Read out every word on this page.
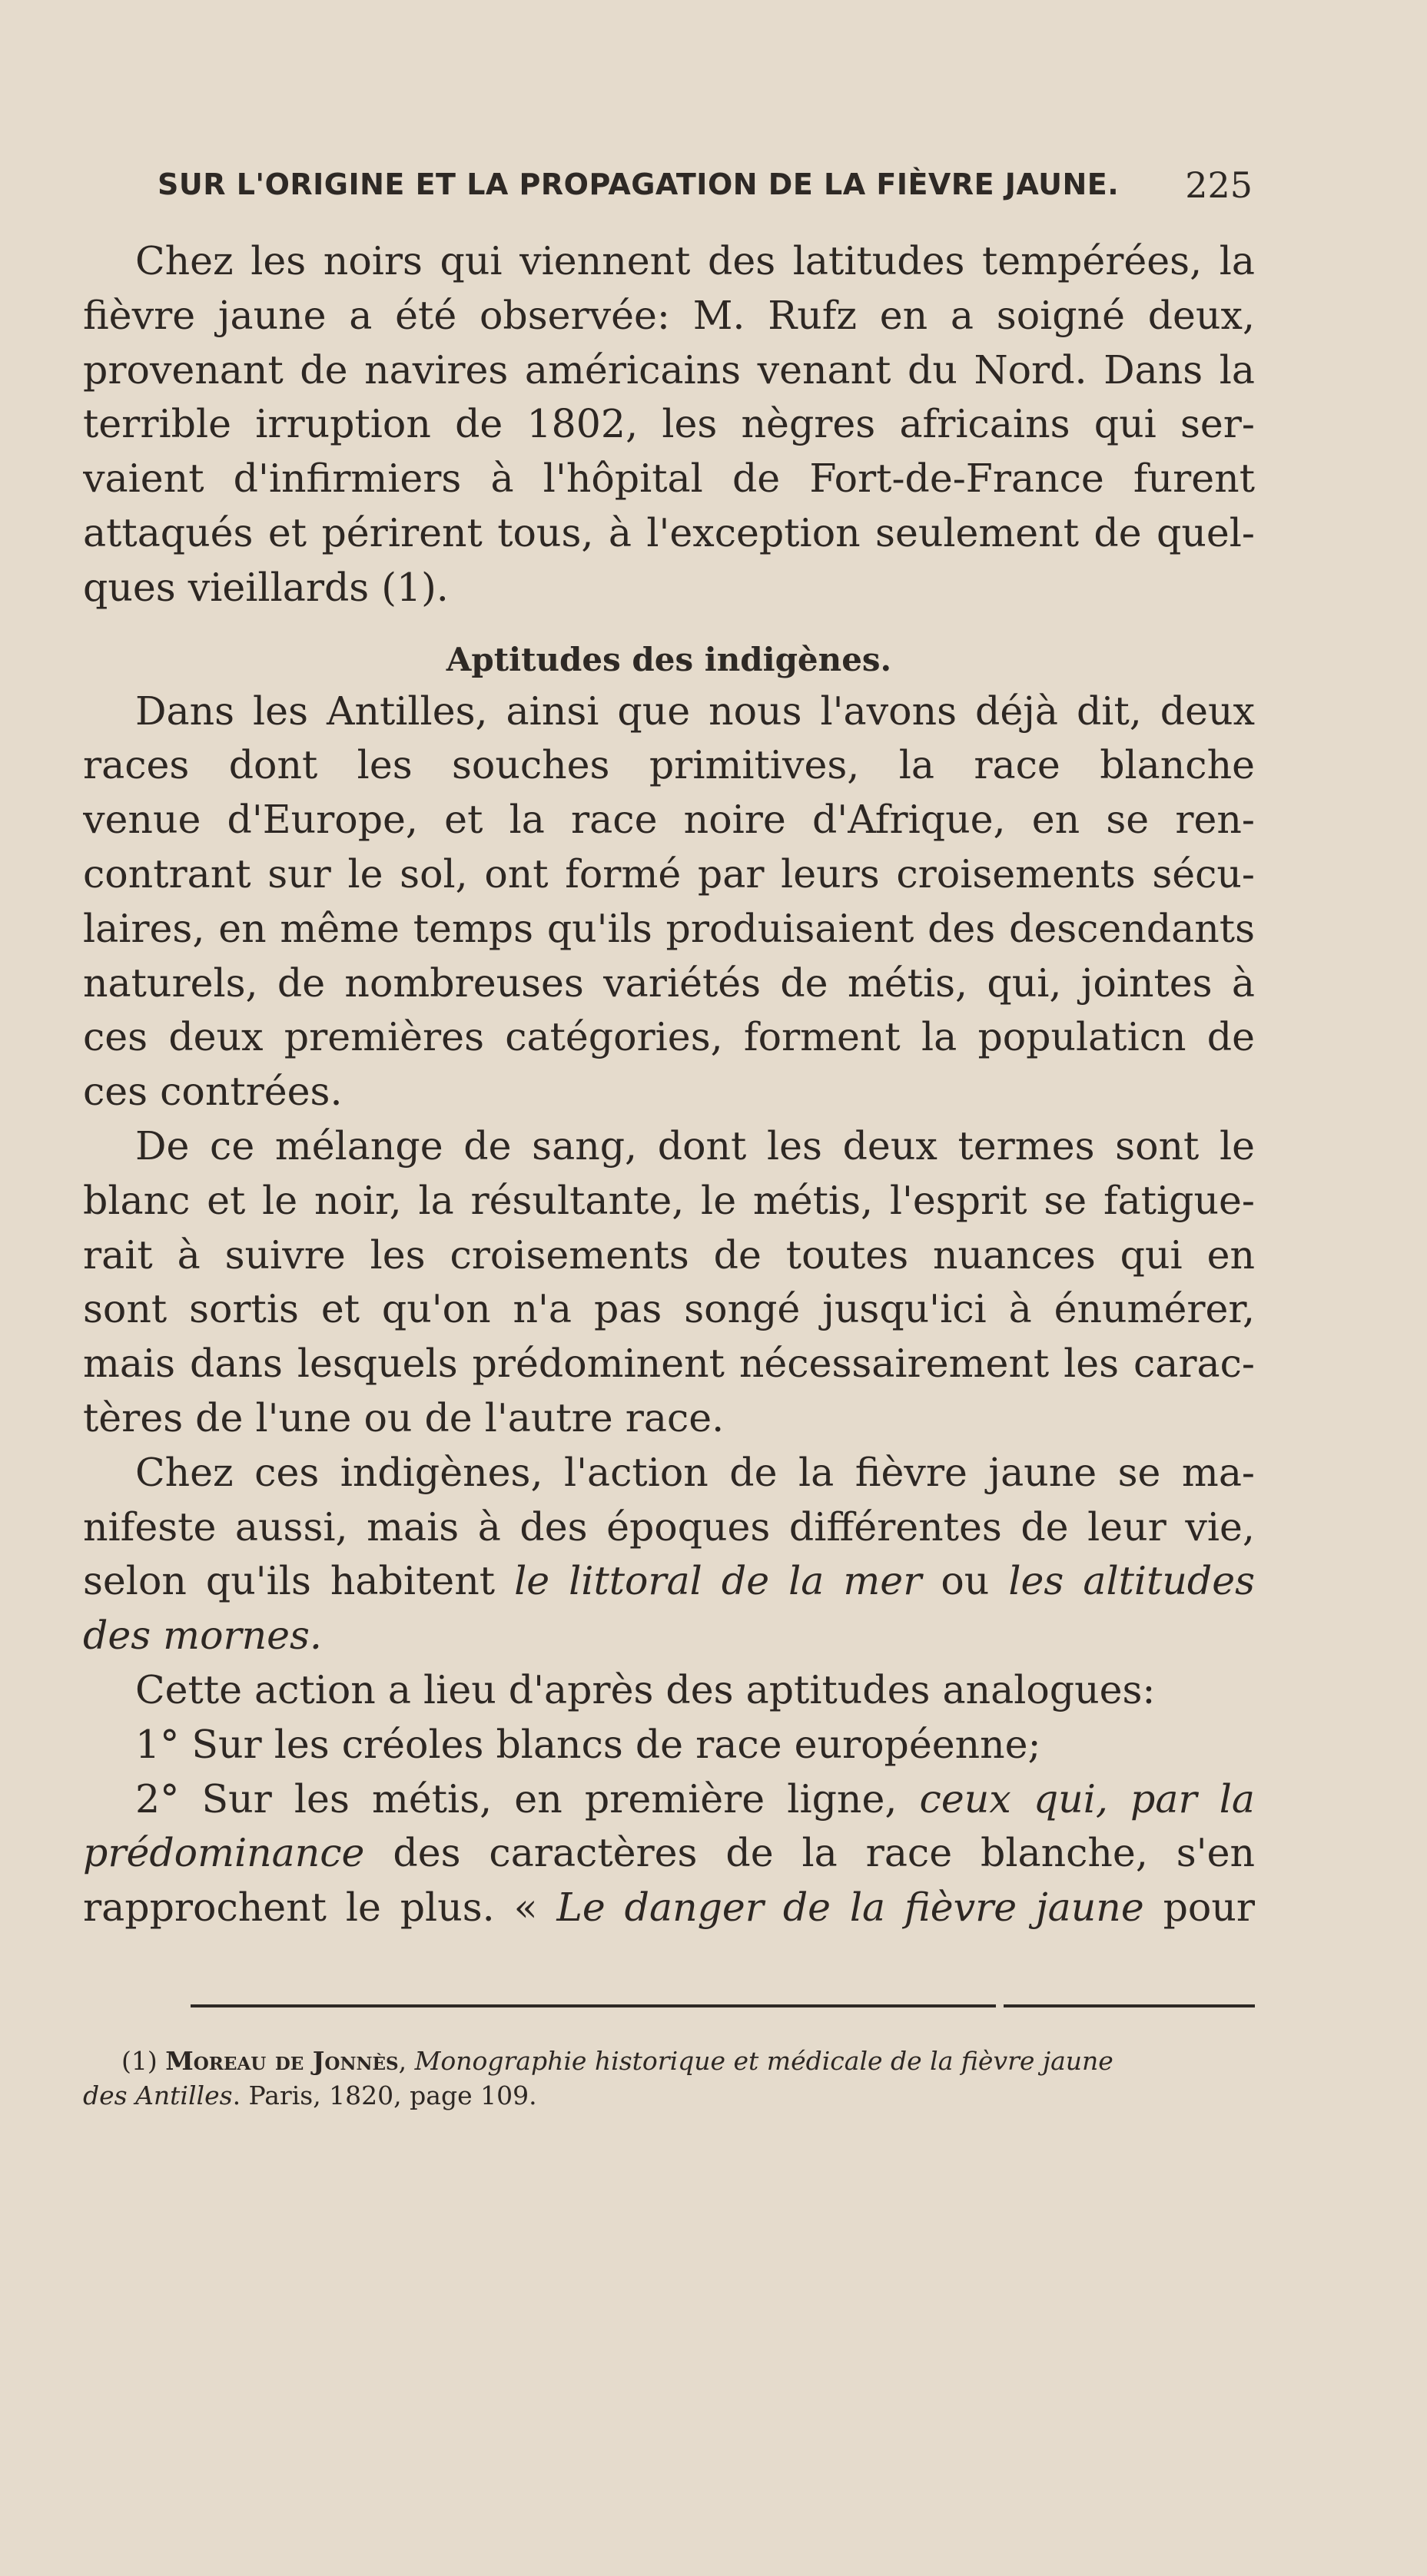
SUR L'ORIGINE ET LA PROPAGATION DE LA FIÈVRE JAUNE. 225
Chez les noirs qui viennent des latitudes tempérées, la
fièvre jaune a été observée: M. Rufz en a soigné deux,
provenant de navires américains venant du Nord. Dans la
terrible irruption de 1802, les nègres africains qui ser-
vaient d'infirmiers à l'hôpital de Fort-de-France furent
attaqués et périrent tous, à l'exception seulement de quel-
ques vieillards (1).
Aptitudes des indigènes.
Dans les Antilles, ainsi que nous l'avons déjà dit, deux
races dont les souches primitives, la race blanche
venue d'Europe, et la race noire d'Afrique, en se ren-
contrant sur le sol, ont formé par leurs croisements sécu-
laires, en même temps qu'ils produisaient des descendants
naturels, de nombreuses variétés de métis, qui, jointes à
ces deux premières catégories, forment la populaticn de
ces contrées.
De ce mélange de sang, dont les deux termes sont le
blanc et le noir, la résultante, le métis, l'esprit se fatigue-
rait à suivre les croisements de toutes nuances qui en
sont sortis et qu'on n'a pas songé jusqu'ici à énumérer,
mais dans lesquels prédominent nécessairement les carac-
tères de l'une ou de l'autre race.
Chez ces indigènes, l'action de la fièvre jaune se ma-
nifeste aussi, mais à des époques différentes de leur vie,
selon qu'ils habitent le littoral de la mer ou les altitudes
des mornes.
Cette action a lieu d'après des aptitudes analogues:
1° Sur les créoles blancs de race européenne;
2° Sur les métis, en première ligne, ceux qui, par la
prédominance des caractères de la race blanche, s'en
rapprochent le plus. « Le danger de la fièvre jaune pour
(1) Moreau de Jonnès, Monographie historique et médicale de la fièvre jaune
des Antilles. Paris, 1820, page 109.
